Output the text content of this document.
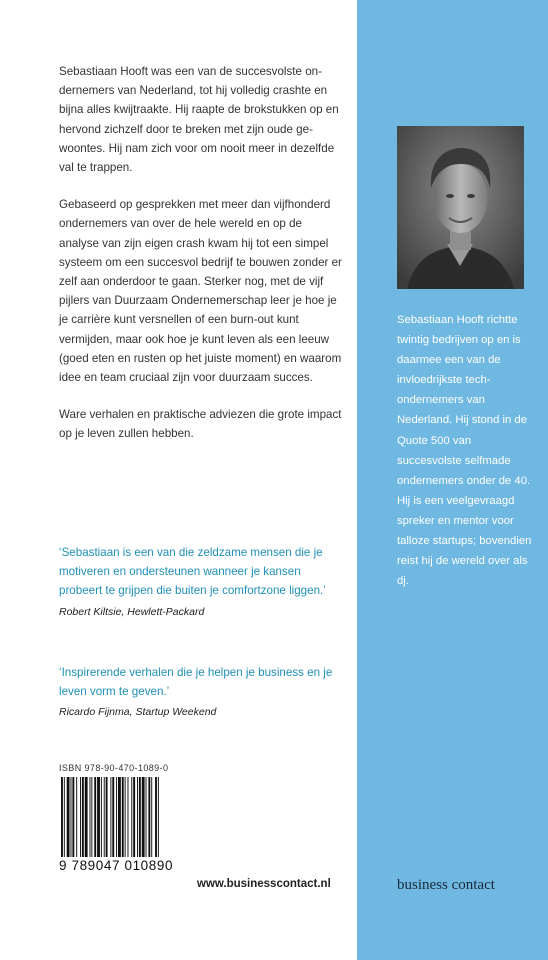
Sebastiaan Hooft was een van de succesvolste ondernemers van Nederland, tot hij volledig crashte en bijna alles kwijtraakte. Hij raapte de brokstukken op en hervond zichzelf door te breken met zijn oude gewoontes. Hij nam zich voor om nooit meer in dezelfde val te trappen.

Gebaseerd op gesprekken met meer dan vijfhonderd ondernemers van over de hele wereld en op de analyse van zijn eigen crash kwam hij tot een simpel systeem om een succesvol bedrijf te bouwen zonder er zelf aan onderdoor te gaan. Sterker nog, met de vijf pijlers van Duurzaam Ondernemerschap leer je hoe je je carrière kunt versnellen of een burn-out kunt vermijden, maar ook hoe je kunt leven als een leeuw (goed eten en rusten op het juiste moment) en waarom idee en team cruciaal zijn voor duurzaam succes.

Ware verhalen en praktische adviezen die grote impact op je leven zullen hebben.

‘Sebastiaan is een van die zeldzame mensen die je motiveren en ondersteunen wanneer je kansen probeert te grijpen die buiten je comfortzone liggen.’
Robert Kiltsie, Hewlett-Packard
‘Inspirerende verhalen die je helpen je business en je leven vorm te geven.’
Ricardo Fijnma, Startup Weekend
ISBN 978-90-470-1089-0
9 789047 010890
www.businesscontact.nl
Sebastiaan Hooft richtte twintig bedrijven op en is daarmee een van de invloedrijkste tech-ondernemers van Nederland. Hij stond in de Quote 500 van succesvolste selfmade ondernemers onder de 40. Hij is een veelgevraagd spreker en mentor voor talloze startups; bovendien reist hij de wereld over als dj.
business contact
